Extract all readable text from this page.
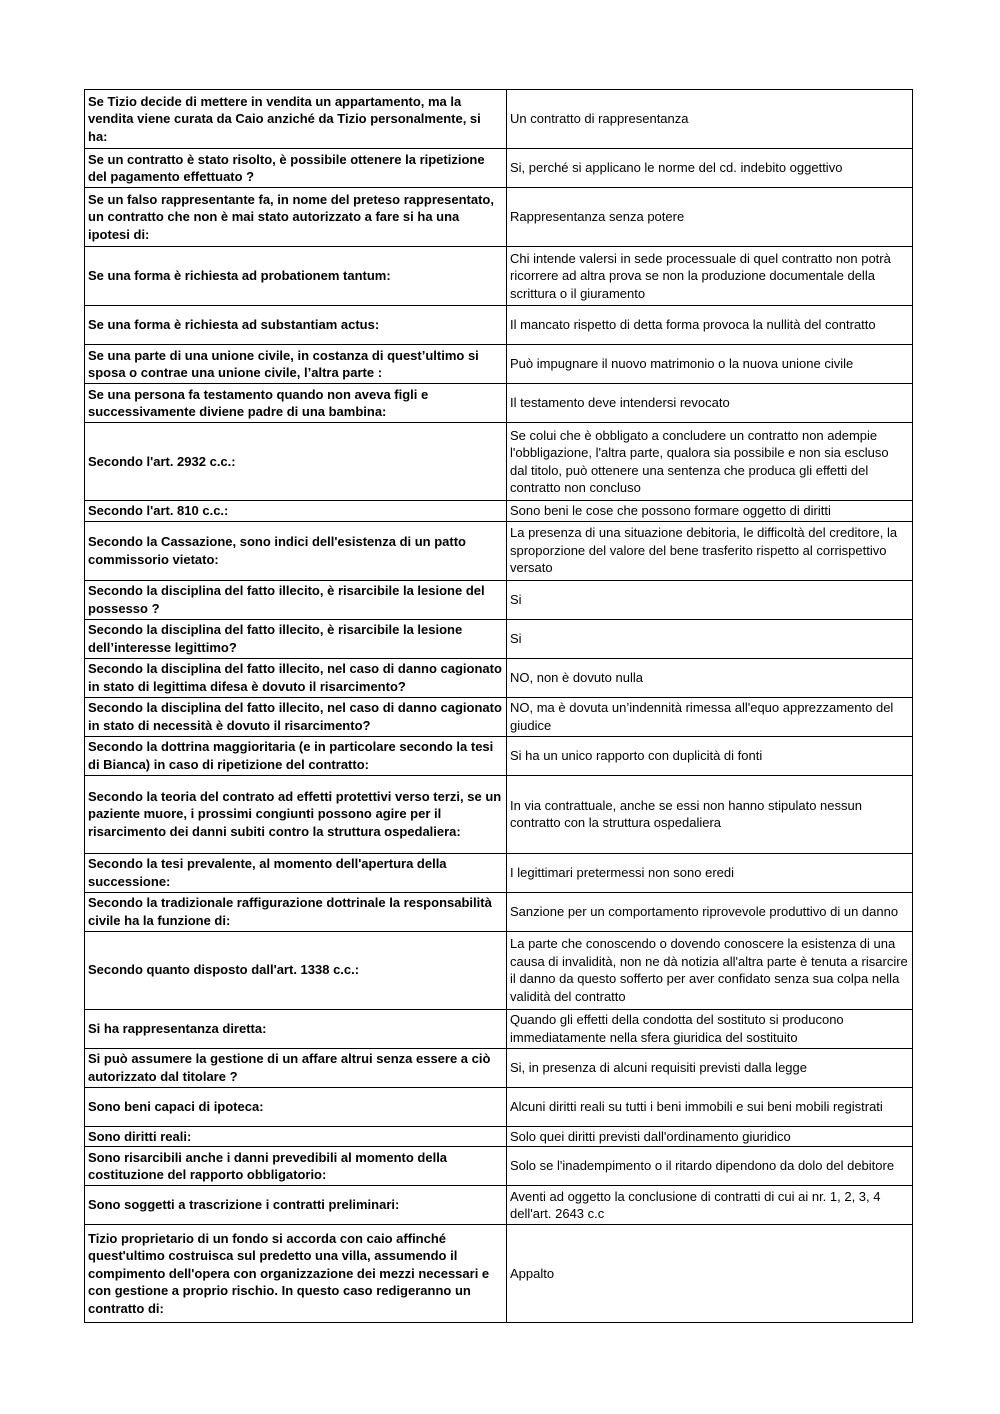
Se Tizio decide di mettere in vendita un appartamento, ma la vendita viene curata da Caio anziché da Tizio personalmente, si ha:	Un contratto di rappresentanza
Se un contratto è stato risolto, è possibile ottenere la ripetizione del pagamento effettuato ?	Si, perché si applicano le norme del cd. indebito oggettivo
Se un falso rappresentante fa, in nome del preteso rappresentato, un contratto che non è mai stato autorizzato a fare si ha una ipotesi di:	Rappresentanza senza potere
Se una forma è richiesta ad probationem tantum:	Chi intende valersi in sede processuale di quel contratto non potrà ricorrere ad altra prova se non la produzione documentale della scrittura o il giuramento
Se una forma è richiesta ad substantiam actus:	Il mancato rispetto di detta forma provoca la nullità del contratto
Se una parte di una unione civile, in costanza di quest’ultimo si sposa o contrae una unione civile, l’altra parte :	Può impugnare il nuovo matrimonio o la nuova unione civile
Se una persona fa testamento quando non aveva figli e successivamente diviene padre di una bambina:	Il testamento deve intendersi revocato
Secondo l'art. 2932 c.c.:	Se colui che è obbligato a concludere un contratto non adempie l'obbligazione, l'altra parte, qualora sia possibile e non sia escluso dal titolo, può ottenere una sentenza che produca gli effetti del contratto non concluso
Secondo l'art. 810 c.c.:	Sono beni le cose che possono formare oggetto di diritti
Secondo la Cassazione, sono indici dell'esistenza di un patto commissorio vietato:	La presenza di una situazione debitoria, le difficoltà del creditore, la sproporzione del valore del bene trasferito rispetto al corrispettivo versato
Secondo la disciplina del fatto illecito, è risarcibile la lesione del possesso ?	Si
Secondo la disciplina del fatto illecito, è risarcibile la lesione dell’interesse legittimo?	Si
Secondo la disciplina del fatto illecito, nel caso di danno cagionato in stato di legittima difesa è dovuto il risarcimento?	NO, non è dovuto nulla
Secondo la disciplina del fatto illecito, nel caso di danno cagionato in stato di necessità è dovuto il risarcimento?	NO, ma è dovuta un’indennità rimessa all'equo apprezzamento del giudice
Secondo la dottrina maggioritaria (e in particolare secondo la tesi di Bianca) in caso di ripetizione del contratto:	Si ha un unico rapporto con duplicità di fonti
Secondo la teoria del contrato ad effetti protettivi verso terzi, se un paziente muore, i prossimi congiunti possono agire per il risarcimento dei danni subiti contro la struttura ospedaliera:	In via contrattuale, anche se essi non hanno stipulato nessun contratto con la struttura ospedaliera
Secondo la tesi prevalente, al momento dell'apertura della successione:	I legittimari pretermessi non sono eredi
Secondo la tradizionale raffigurazione dottrinale la responsabilità civile ha la funzione di:	Sanzione per un comportamento riprovevole produttivo di un danno
Secondo quanto disposto dall'art. 1338 c.c.:	La parte che conoscendo o dovendo conoscere la esistenza di una causa di invalidità, non ne dà notizia all'altra parte è tenuta a risarcire il danno da questo sofferto per aver confidato senza sua colpa nella validità del contratto
Si ha rappresentanza diretta:	Quando gli effetti della condotta del sostituto si producono immediatamente nella sfera giuridica del sostituito
Si può assumere la gestione di un affare altrui senza essere a ciò autorizzato dal titolare ?	Si, in presenza di alcuni requisiti previsti dalla legge
Sono beni capaci di ipoteca:	Alcuni diritti reali su tutti i beni immobili e sui beni mobili registrati
Sono diritti reali:	Solo quei diritti previsti dall'ordinamento giuridico
Sono risarcibili anche i danni prevedibili al momento della costituzione del rapporto obbligatorio:	Solo se l'inadempimento o il ritardo dipendono da dolo del debitore
Sono soggetti a trascrizione i contratti preliminari:	Aventi ad oggetto la conclusione di contratti di cui ai nr. 1, 2, 3, 4 dell'art. 2643 c.c
Tizio proprietario di un fondo si accorda con caio affinché quest'ultimo costruisca sul predetto una villa, assumendo il compimento dell'opera con organizzazione dei mezzi necessari e con gestione a proprio rischio. In questo caso redigeranno un contratto di:	Appalto
